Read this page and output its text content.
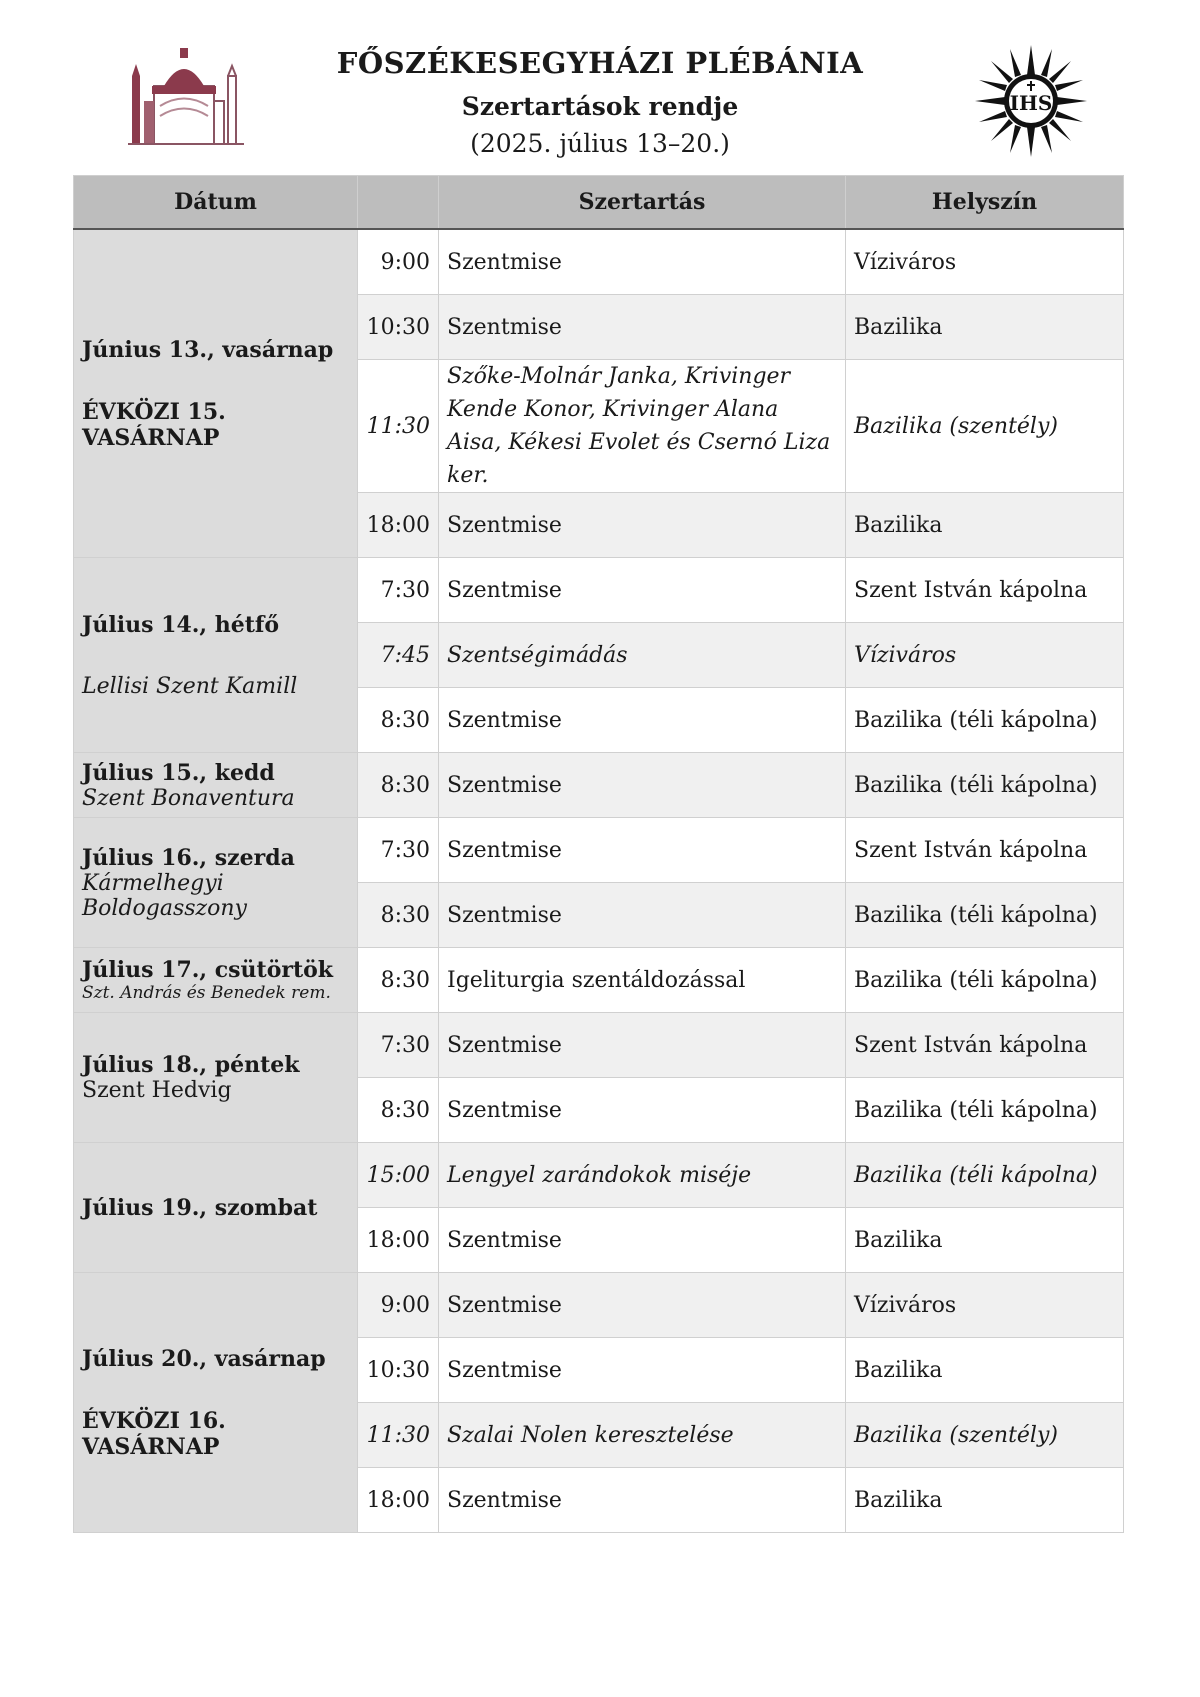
IHS
FŐSZÉKESEGYHÁZI PLÉBÁNIA
Szertartások rendje
(2025. július 13–20.)
Dátum		Szertartás	Helyszín

Június 13., vasárnap
ÉVKÖZI 15. VASÁRNAP	9:00	Szentmise	Víziváros
	10:30	Szentmise	Bazilika
	11:30	Szőke-Molnár Janka, Krivinger Kende Konor, Krivinger Alana Aisa, Kékesi Evolet és Csernó Liza ker.	Bazilika (szentély)
	18:00	Szentmise	Bazilika

Július 14., hétfő
Lellisi Szent Kamill	7:30	Szentmise	Szent István kápolna
	7:45	Szentségimádás	Víziváros
	8:30	Szentmise	Bazilika (téli kápolna)

Július 15., kedd
Szent Bonaventura	8:30	Szentmise	Bazilika (téli kápolna)

Július 16., szerda
Kármelhegyi Boldogasszony	7:30	Szentmise	Szent István kápolna
	8:30	Szentmise	Bazilika (téli kápolna)

Július 17., csütörtök
Szt. András és Benedek rem.	8:30	Igeliturgia szentáldozással	Bazilika (téli kápolna)

Július 18., péntek
Szent Hedvig	7:30	Szentmise	Szent István kápolna
	8:30	Szentmise	Bazilika (téli kápolna)

Július 19., szombat	15:00	Lengyel zarándokok miséje	Bazilika (téli kápolna)
	18:00	Szentmise	Bazilika

Július 20., vasárnap
ÉVKÖZI 16. VASÁRNAP	9:00	Szentmise	Víziváros
	10:30	Szentmise	Bazilika
	11:30	Szalai Nolen keresztelése	Bazilika (szentély)
	18:00	Szentmise	Bazilika
